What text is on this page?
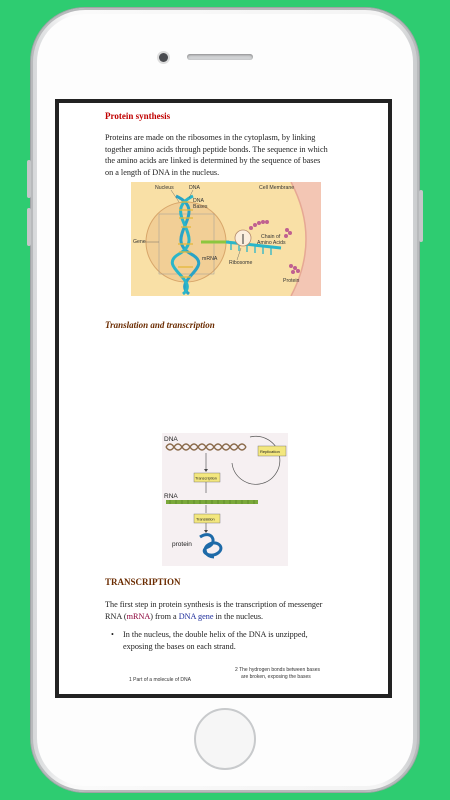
Protein synthesis
Proteins are made on the ribosomes in the cytoplasm, by linking
together amino acids through peptide bonds. The sequence in which
the amino acids are linked is determined by the sequence of bases
on a length of DNA in the nucleus.
Nucleus	DNA
DNA
Bases
Gene
mRNA
Cell Membrane
Chain of
Amino Acids
Ribosome
Protein
Translation and transcription
DNA
RNA
protein
Replication
Transcription
Translation
TRANSCRIPTION
The first step in protein synthesis is the transcription of messenger
RNA (mRNA) from a DNA gene in the nucleus.
• In the nucleus, the double helix of the DNA is unzipped,
exposing the bases on each strand.
1 Part of a molecule of DNA
2 The hydrogen bonds between bases
are broken, exposing the bases
